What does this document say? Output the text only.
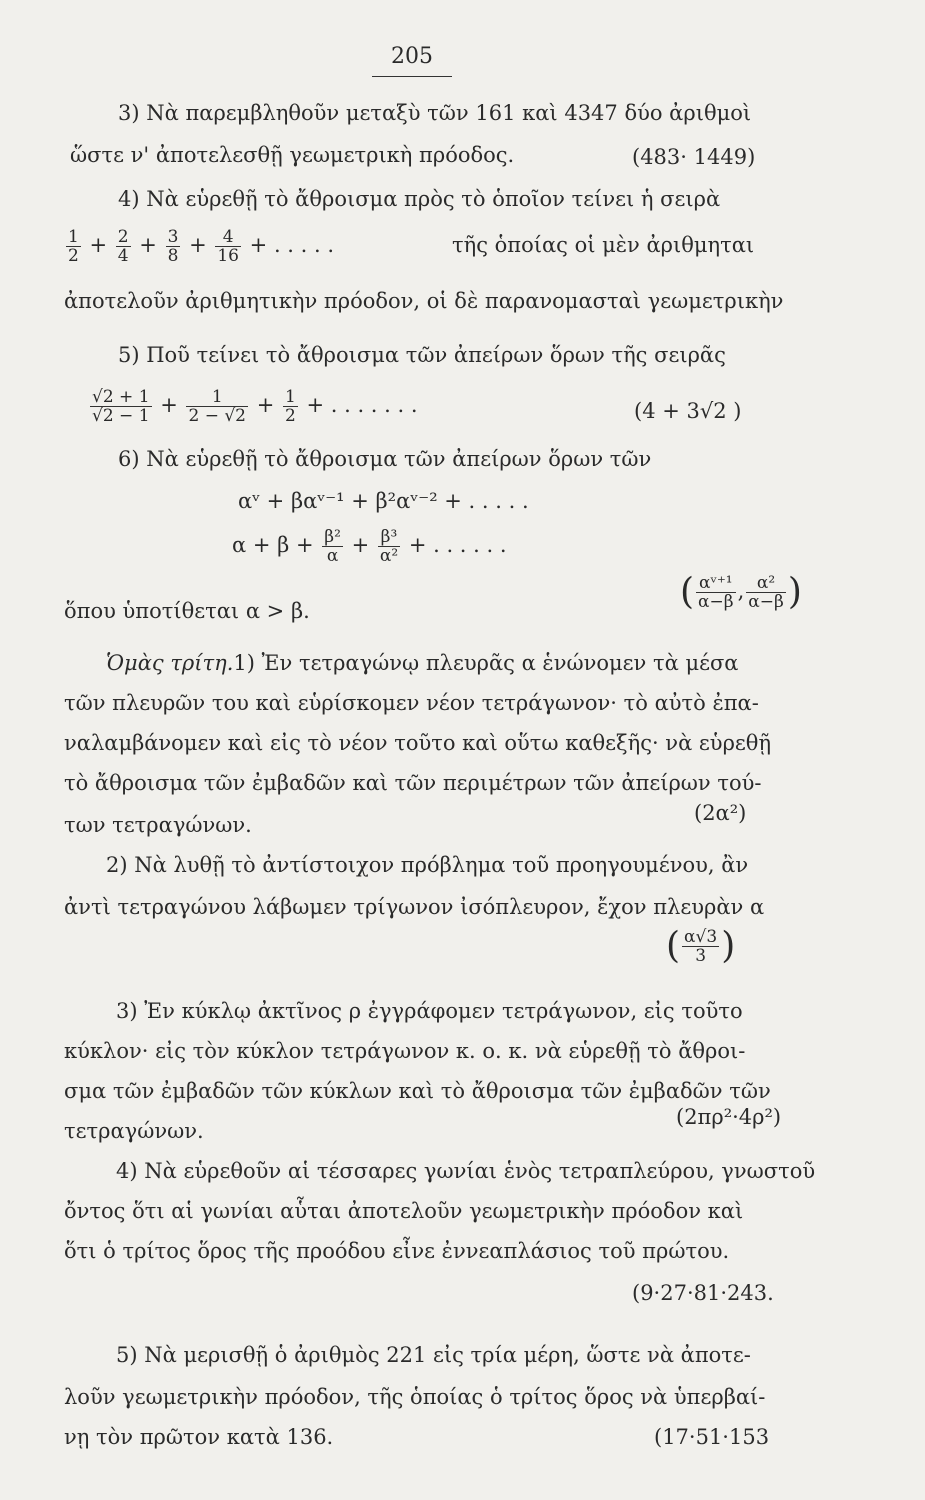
205
3) Νὰ παρεμβληθοῦν μεταξὺ τῶν 161 καὶ 4347 δύο ἀριθμοὶ
ὥστε ν' ἀποτελεσθῇ γεωμετρικὴ πρόοδος.	(483· 1449)
4) Νὰ εὑρεθῇ τὸ ἄθροισμα πρὸς τὸ ὁποῖον τείνει ἡ σειρὰ
$\frac{1}{2} + \frac{2}{4} + \frac{3}{8} + \frac{4}{16}$ + . . . . .	τῆς ὁποίας οἱ μὲν ἀριθμηται
ἀποτελοῦν ἀριθμητικὴν πρόοδον, οἱ δὲ παρανομασταὶ γεωμετρικὴν
5) Ποῦ τείνει τὸ ἄθροισμα τῶν ἀπείρων ὅρων τῆς σειρᾶς
$\frac{√2 + 1}{√2 - 1} + \frac{1}{2 - √2} + \frac{1}{2}$ + . . . . . . .	(4 + 3√2 )
6) Νὰ εὑρεθῇ τὸ ἄθροισμα τῶν ἀπείρων ὅρων τῶν
αᵛ + βαᵛ⁻¹ + β²αᵛ⁻² + . . . . .
$\alpha + \beta + \frac{\text{β²}}{\alpha} + \frac{\text{β³}}{\text{α²}}$ + . . . . . .
( $\frac{\text{αᵛ⁺¹}}{\alpha-\beta}$ , $\frac{\text{α²}}{\alpha-\beta}$ )
ὅπου ὑποτίθεται α > β.
Ὁμὰς τρίτη.1) Ἐν τετραγώνῳ πλευρᾶς α ἑνώνομεν τὰ μέσα
τῶν πλευρῶν του καὶ εὑρίσκομεν νέον τετράγωνον· τὸ αὐτὸ ἐπα-
ναλαμβάνομεν καὶ εἰς τὸ νέον τοῦτο καὶ οὕτω καθεξῆς· νὰ εὑρεθῇ
τὸ ἄθροισμα τῶν ἐμβαδῶν καὶ τῶν περιμέτρων τῶν ἀπείρων τού-
(2α²)
των τετραγώνων.
2) Νὰ λυθῇ τὸ ἀντίστοιχον πρόβλημα τοῦ προηγουμένου, ἂν
ἀντὶ τετραγώνου λάβωμεν τρίγωνον ἰσόπλευρον, ἔχον πλευρὰν α
( $\frac{\alpha√3}{3}$ )
3) Ἐν κύκλῳ ἀκτῖνος ρ ἐγγράφομεν τετράγωνον, εἰς τοῦτο
κύκλον· εἰς τὸν κύκλον τετράγωνον κ. ο. κ. νὰ εὑρεθῇ τὸ ἄθροι-
σμα τῶν ἐμβαδῶν τῶν κύκλων καὶ τὸ ἄθροισμα τῶν ἐμβαδῶν τῶν
(2πρ²·4ρ²)
τετραγώνων.
4) Νὰ εὑρεθοῦν αἱ τέσσαρες γωνίαι ἑνὸς τετραπλεύρου, γνωστοῦ
ὄντος ὅτι αἱ γωνίαι αὗται ἀποτελοῦν γεωμετρικὴν πρόοδον καὶ
ὅτι ὁ τρίτος ὅρος τῆς προόδου εἶνε ἐννεαπλάσιος τοῦ πρώτου.
(9·27·81·243.
5) Νὰ μερισθῇ ὁ ἀριθμὸς 221 εἰς τρία μέρη, ὥστε νὰ ἀποτε-
λοῦν γεωμετρικὴν πρόοδον, τῆς ὁποίας ὁ τρίτος ὅρος νὰ ὑπερβαί-
νῃ τὸν πρῶτον κατὰ 136.	(17·51·153
